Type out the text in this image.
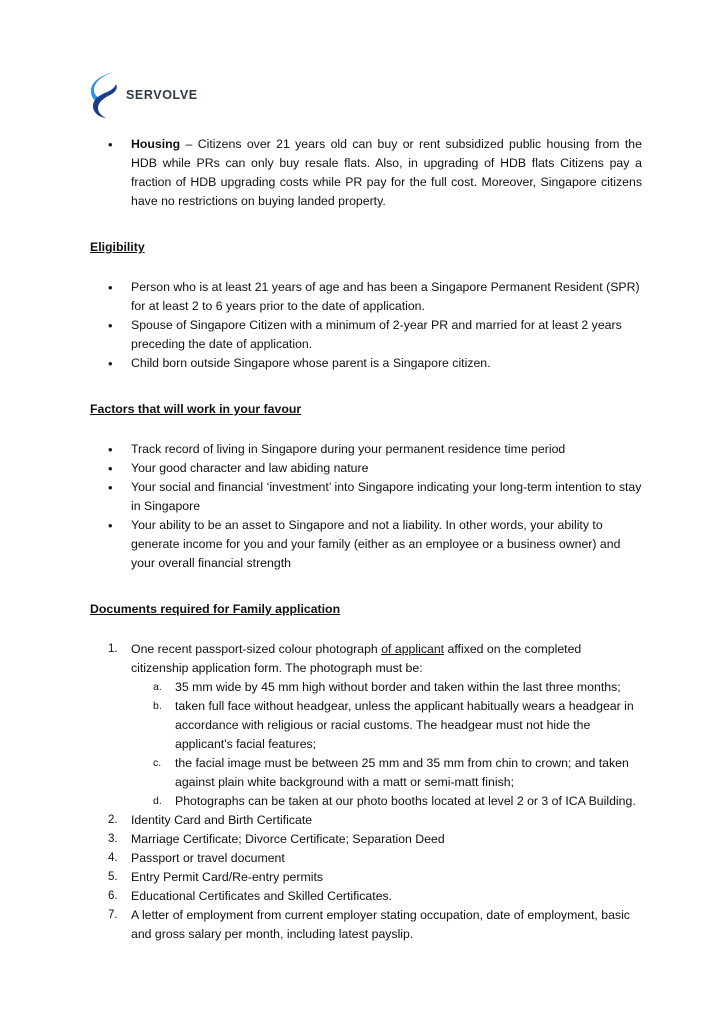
SERVOLVE
• Housing – Citizens over 21 years old can buy or rent subsidized public housing from the HDB while PRs can only buy resale flats. Also, in upgrading of HDB flats Citizens pay a fraction of HDB upgrading costs while PR pay for the full cost. Moreover, Singapore citizens have no restrictions on buying landed property.

Eligibility

• Person who is at least 21 years of age and has been a Singapore Permanent Resident (SPR) for at least 2 to 6 years prior to the date of application.
• Spouse of Singapore Citizen with a minimum of 2-year PR and married for at least 2 years preceding the date of application.
• Child born outside Singapore whose parent is a Singapore citizen.

Factors that will work in your favour

• Track record of living in Singapore during your permanent residence time period
• Your good character and law abiding nature
• Your social and financial ‘investment’ into Singapore indicating your long-term intention to stay in Singapore
• Your ability to be an asset to Singapore and not a liability. In other words, your ability to generate income for you and your family (either as an employee or a business owner) and your overall financial strength

Documents required for Family application

1. One recent passport-sized colour photograph of applicant affixed on the completed citizenship application form. The photograph must be:
a. 35 mm wide by 45 mm high without border and taken within the last three months;
b. taken full face without headgear, unless the applicant habitually wears a headgear in accordance with religious or racial customs. The headgear must not hide the applicant's facial features;
c. the facial image must be between 25 mm and 35 mm from chin to crown; and taken against plain white background with a matt or semi-matt finish;
d. Photographs can be taken at our photo booths located at level 2 or 3 of ICA Building.
2. Identity Card and Birth Certificate
3. Marriage Certificate; Divorce Certificate; Separation Deed
4. Passport or travel document
5. Entry Permit Card/Re-entry permits
6. Educational Certificates and Skilled Certificates.
7. A letter of employment from current employer stating occupation, date of employment, basic and gross salary per month, including latest payslip.
